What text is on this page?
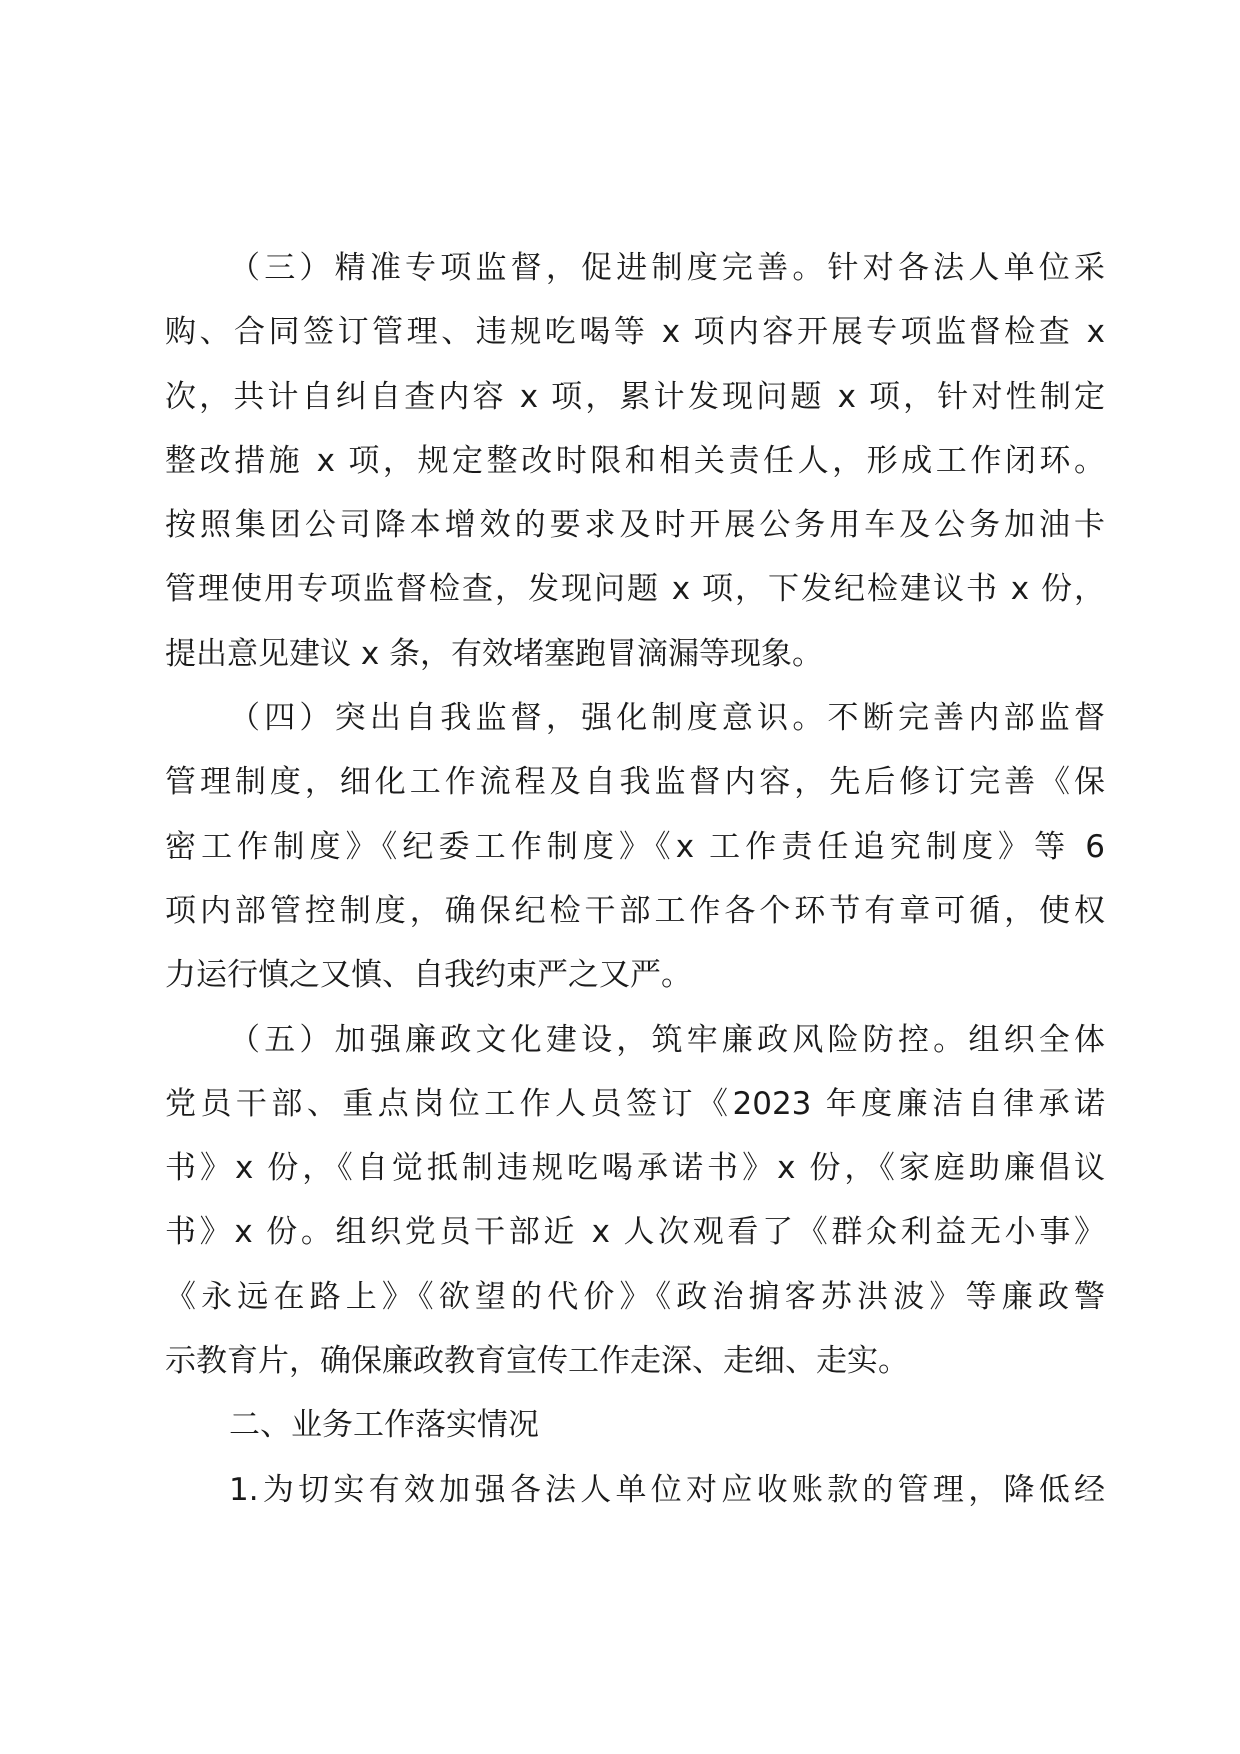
（三）精准专项监督，促进制度完善。针对各法人单位采
购、合同签订管理、违规吃喝等 x 项内容开展专项监督检查 x
次，共计自纠自查内容 x 项，累计发现问题 x 项，针对性制定
整改措施 x 项，规定整改时限和相关责任人，形成工作闭环。
按照集团公司降本增效的要求及时开展公务用车及公务加油卡
管理使用专项监督检查，发现问题 x 项，下发纪检建议书 x 份，
提出意见建议 x 条，有效堵塞跑冒滴漏等现象。
（四）突出自我监督，强化制度意识。不断完善内部监督
管理制度，细化工作流程及自我监督内容，先后修订完善《保
密工作制度》《纪委工作制度》《x 工作责任追究制度》等 6
项内部管控制度，确保纪检干部工作各个环节有章可循，使权
力运行慎之又慎、自我约束严之又严。
（五）加强廉政文化建设，筑牢廉政风险防控。组织全体
党员干部、重点岗位工作人员签订《2023 年度廉洁自律承诺
书》x 份，《自觉抵制违规吃喝承诺书》x 份，《家庭助廉倡议
书》x 份。组织党员干部近 x 人次观看了《群众利益无小事》
《永远在路上》《欲望的代价》《政治掮客苏洪波》等廉政警
示教育片，确保廉政教育宣传工作走深、走细、走实。
二、业务工作落实情况
1.为切实有效加强各法人单位对应收账款的管理，降低经
